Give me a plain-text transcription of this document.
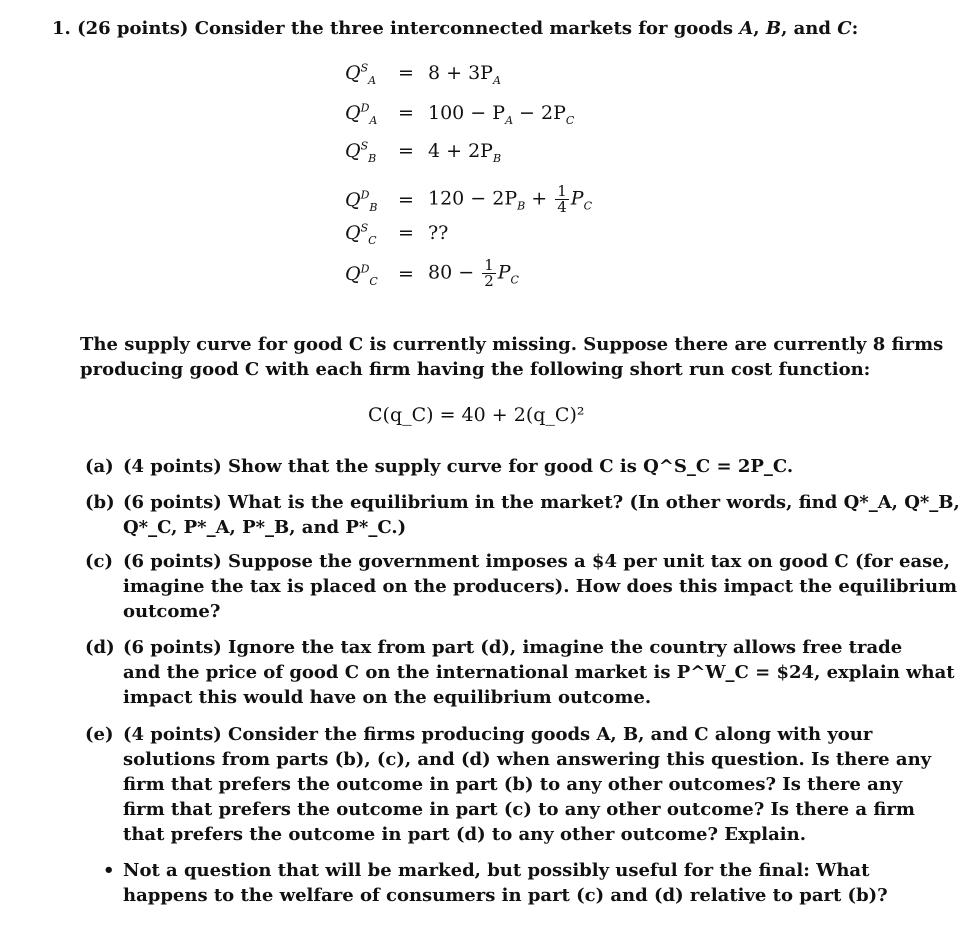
1. (26 points) Consider the three interconnected markets for goods A, B, and C:
$Q^S_A = 8 + 3P_A$
$Q^D_A = 100 - P_A - 2P_C$
$Q^S_B = 4 + 2P_B$
$Q^D_B = 120 - 2P_B + \frac{1}{4} P_C$
$Q^S_C$ = ??
$Q^D_C = 80 - \frac{1}{2} P_C$
The supply curve for good C is currently missing. Suppose there are currently 8 firms
producing good C with each firm having the following short run cost function:
C(q_C) = 40 + 2(q_C)²
(a) (4 points) Show that the supply curve for good C is Q^S_C = 2P_C.
(b) (6 points) What is the equilibrium in the market? (In other words, find Q*_A, Q*_B,
Q*_C, P*_A, P*_B, and P*_C.)
(c) (6 points) Suppose the government imposes a $4 per unit tax on good C (for ease,
imagine the tax is placed on the producers). How does this impact the equilibrium
outcome?
(d) (6 points) Ignore the tax from part (d), imagine the country allows free trade
and the price of good C on the international market is P^W_C = $24, explain what
impact this would have on the equilibrium outcome.
(e) (4 points) Consider the firms producing goods A, B, and C along with your
solutions from parts (b), (c), and (d) when answering this question. Is there any
firm that prefers the outcome in part (b) to any other outcomes? Is there any
firm that prefers the outcome in part (c) to any other outcome? Is there a firm
that prefers the outcome in part (d) to any other outcome? Explain.
• Not a question that will be marked, but possibly useful for the final: What
happens to the welfare of consumers in part (c) and (d) relative to part (b)?
